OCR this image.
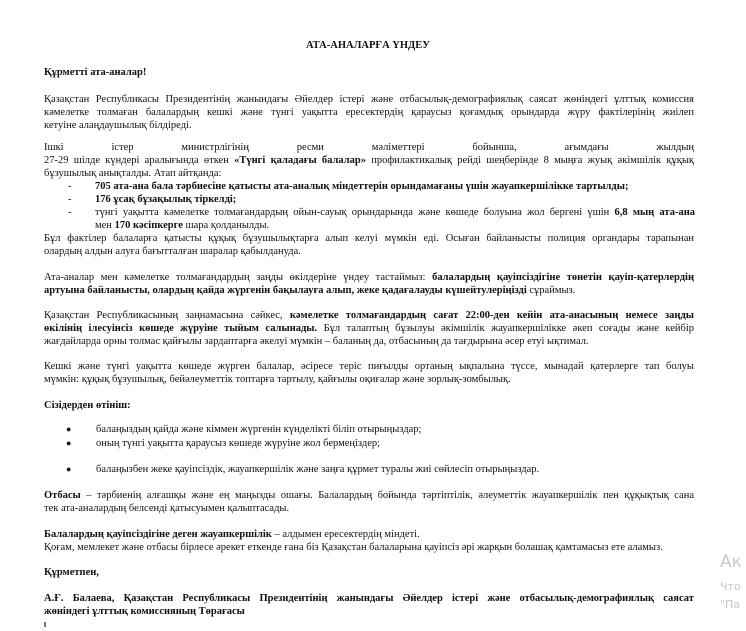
АТА-АНАЛАРҒА ҮНДЕУ
Құрметті ата-аналар!
Қазақстан Республикасы Президентінің жанындағы Әйелдер істері және отбасылық-демографиялық саясат жөніндегі ұлттық комиссия
кәмелетке толмаған балалардың кешкі және түнгі уақытта ересектердің қараусыз қоғамдық орындарда жүру фактілерінің жиілеп
кетуіне алаңдаушылық білдіреді.
Ішкі	істер	министрлігінің	ресми	мәліметтері	бойынша,	ағымдағы	жылдың
27-29 шілде күндері аралығында өткен «Түнгі қаладағы балалар» профилактикалық рейді шеңберінде 8 мыңға жуық әкімшілік құқық
бұзушылық анықталды. Атап айтқанда:
- 705 ата-ана бала тәрбиесіне қатысты ата-аналық міндеттерін орындамағаны үшін жауапкершілікке тартылды;
- 176 ұсақ бұзақылық тіркелді;
- түнгі уақытта кәмелетке толмағандардың ойын-сауық орындарында және көшеде болуына жол бергені үшін 6,8 мың ата-ана
мен 170 кәсіпкерге шара қолданылды.
Бұл фактілер балаларға қатысты құқық бұзушылықтарға алып келуі мүмкін еді. Осыған байланысты полиция органдары тарапынан
олардың алдын алуға бағытталған шаралар қабылдануда.
Ата-аналар мен кәмелетке толмағандардың заңды өкілдеріне үндеу тастаймыз: балалардың қауіпсіздігіне төнетін қауіп-қатерлердің
артуына байланысты, олардың қайда жүргенін бақылауға алып, жеке қадағалауды күшейтулеріңізді сұраймыз.
Қазақстан Республикасының заңнамасына сәйкес, кәмелетке толмағандардың сағат 22:00-ден кейін ата-анасының немесе заңды
өкілінің ілесуінсіз көшеде жүруіне тыйым салынады. Бұл талаптың бұзылуы әкімшілік жауапкершілікке әкеп соғады және кейбір
жағдайларда орны толмас қайғылы зардаптарға әкелуі мүмкін – баланың да, отбасының да тағдырына әсер етуі ықтимал.
Кешкі және түнгі уақытта көшеде жүрген балалар, әсіресе теріс пиғылды ортаның ықпалына түссе, мынадай қатерлерге тап болуы
мүмкін: құқық бұзушылық, бейәлеуметтік топтарға тартылу, қайғылы оқиғалар және зорлық-зомбылық.
Сізідерден өтініш:
● балаңыздың қайда және кіммен жүргенін күнделікті біліп отырыңыздар;
● оның түнгі уақытта қараусыз көшеде жүруіне жол бермеңіздер;
● балаңызбен жеке қауіпсіздік, жауапкершілік және заңға құрмет туралы жиі сөйлесіп отырыңыздар.
Отбасы – тәрбиенің алғашқы және ең маңызды ошағы. Балалардың бойында тәртіптілік, әлеуметтік жауапкершілік пен құқықтық сана
тек ата-аналардың белсенді қатысуымен қалыптасады.
Балалардың қауіпсіздігіне деген жауапкершілік – алдымен ересектердің міндеті.
Қоғам, мемлекет және отбасы бірлесе әрекет еткенде ғана біз Қазақстан балаларына қауіпсіз әрі жарқын болашақ қамтамасыз ете аламыз.
Құрметпен,
А.Ғ. Балаева, Қазақстан Республикасы Президентінің жанындағы Әйелдер істері және отбасылық-демографиялық саясат
жөніндегі ұлттық комиссияның Төрағасы
Ак
Что
"Па
